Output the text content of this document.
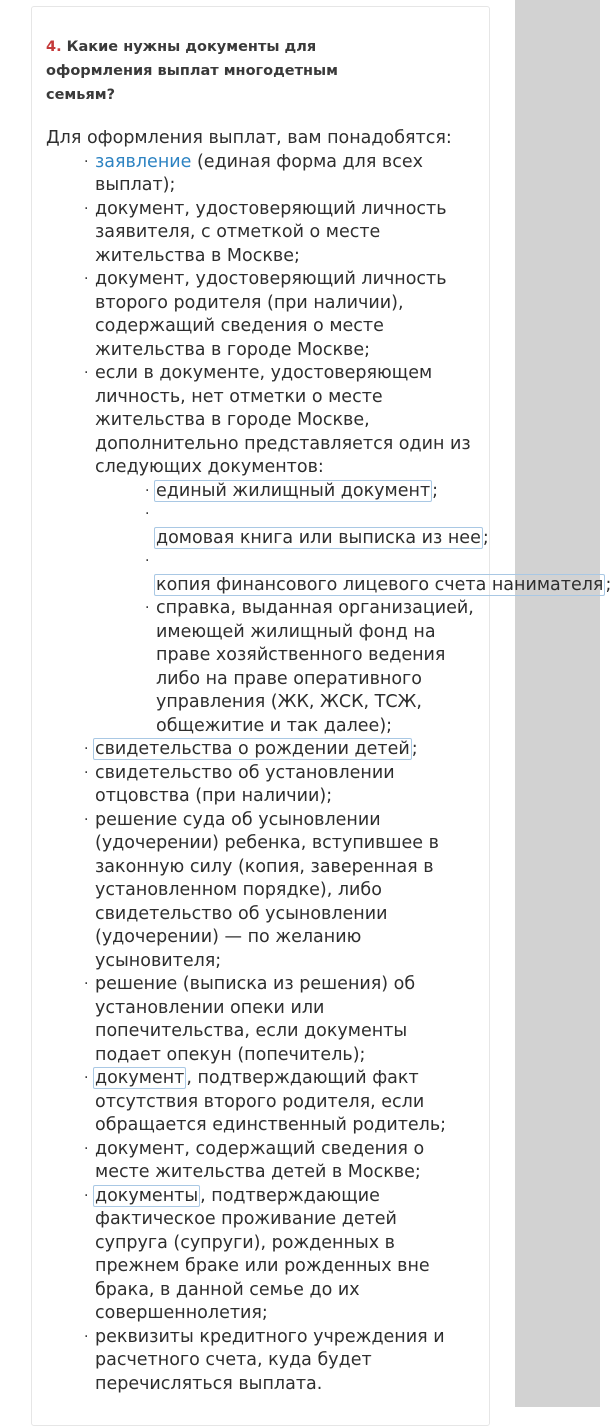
4. Какие нужны документы для оформления выплат многодетным семьям?
Для оформления выплат, вам понадобятся:
· заявление (единая форма для всех выплат);
· документ, удостоверяющий личность заявителя, с отметкой о месте жительства в Москве;
· документ, удостоверяющий личность второго родителя (при наличии), содержащий сведения о месте жительства в городе Москве;
· если в документе, удостоверяющем личность, нет отметки о месте жительства в городе Москве, дополнительно представляется один из следующих документов:
· единый жилищный документ ;
·
домовая книга или выписка из нее ;
·
копия финансового лицевого счета нанимателя ;
· справка, выданная организацией, имеющей жилищный фонд на праве хозяйственного ведения либо на праве оперативного управления (ЖК, ЖСК, ТСЖ, общежитие и так далее);
· свидетельства о рождении детей ;
· свидетельство об установлении отцовства (при наличии);
· решение суда об усыновлении (удочерении) ребенка, вступившее в законную силу (копия, заверенная в установленном порядке), либо свидетельство об усыновлении (удочерении) — по желанию усыновителя;
· решение (выписка из решения) об установлении опеки или попечительства, если документы подает опекун (попечитель);
· документ , подтверждающий факт отсутствия второго родителя, если обращается единственный родитель;
· документ, содержащий сведения о месте жительства детей в Москве;
· документы , подтверждающие фактическое проживание детей супруга (супруги), рожденных в прежнем браке или рожденных вне брака, в данной семье до их совершеннолетия;
· реквизиты кредитного учреждения и расчетного счета, куда будет перечисляться выплата.
